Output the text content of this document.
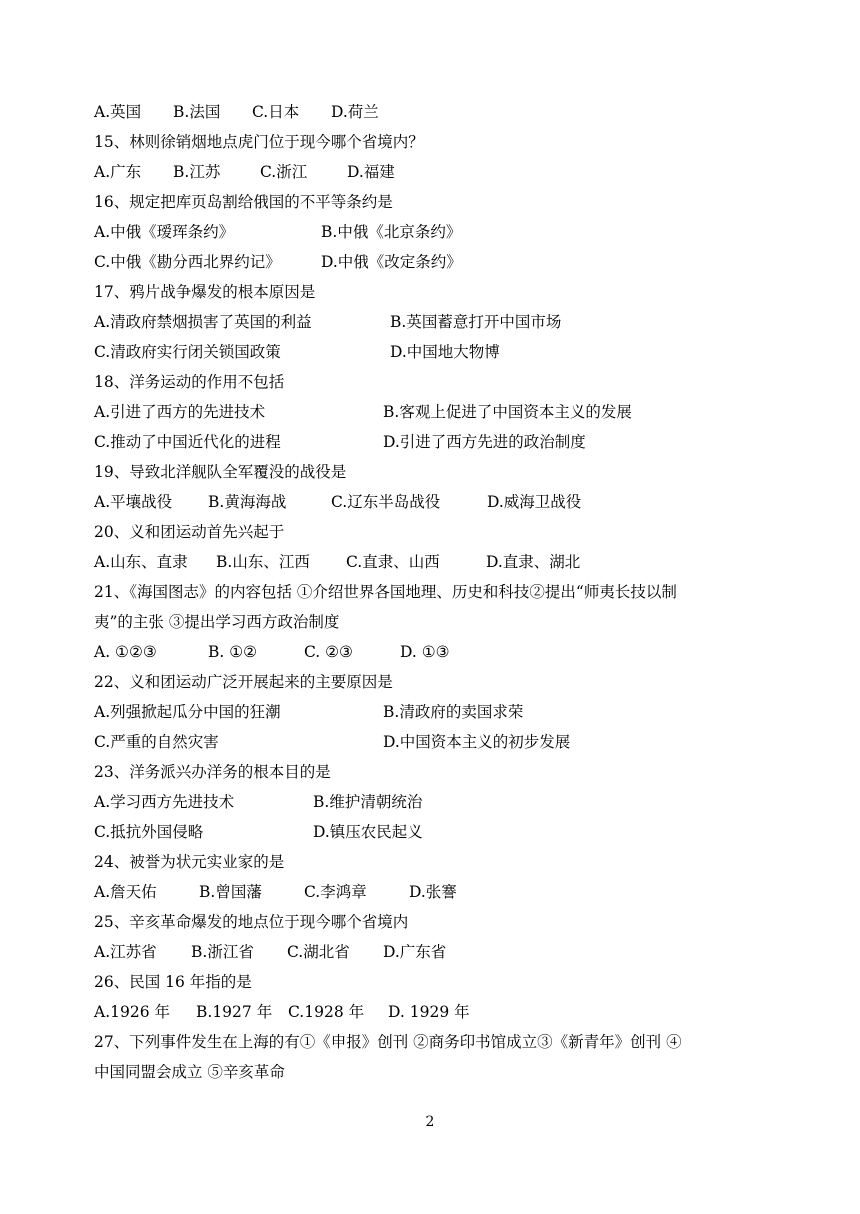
A.英国 B.法国 C.日本 D.荷兰
15、林则徐销烟地点虎门位于现今哪个省境内？
A.广东 B.江苏	C.浙江	D.福建
16、规定把库页岛割给俄国的不平等条约是
A.中俄《瑷珲条约》	B.中俄《北京条约》
C.中俄《勘分西北界约记》	D.中俄《改定条约》
17、鸦片战争爆发的根本原因是
A.清政府禁烟损害了英国的利益	B.英国蓄意打开中国市场
C.清政府实行闭关锁国政策	D.中国地大物博
18、洋务运动的作用不包括
A.引进了西方的先进技术	B.客观上促进了中国资本主义的发展
C.推动了中国近代化的进程	D.引进了西方先进的政治制度
19、导致北洋舰队全军覆没的战役是
A.平壤战役 B.黄海海战	C.辽东半岛战役	D.威海卫战役
20、义和团运动首先兴起于
A.山东、直隶 B.山东、江西 C.直隶、山西	D.直隶、湖北
21、《海国图志》的内容包括 ①介绍世界各国地理、历史和科技②提出“师夷长技以制
夷”的主张 ③提出学习西方政治制度
A. ①②③	B. ①②	C. ②③	D. ①③
22、义和团运动广泛开展起来的主要原因是
A.列强掀起瓜分中国的狂潮	B.清政府的卖国求荣
C.严重的自然灾害	D.中国资本主义的初步发展
23、洋务派兴办洋务的根本目的是
A.学习西方先进技术	B.维护清朝统治
C.抵抗外国侵略	D.镇压农民起义
24、被誉为状元实业家的是
A.詹天佑	B.曾国藩	C.李鸿章	D.张謇
25、辛亥革命爆发的地点位于现今哪个省境内
A.江苏省 B.浙江省 C.湖北省 D.广东省
26、民国 16 年指的是
A.1926 年 B.1927 年 C.1928 年 D. 1929 年
27、下列事件发生在上海的有①《申报》创刊 ②商务印书馆成立③《新青年》创刊 ④
中国同盟会成立 ⑤辛亥革命
2
